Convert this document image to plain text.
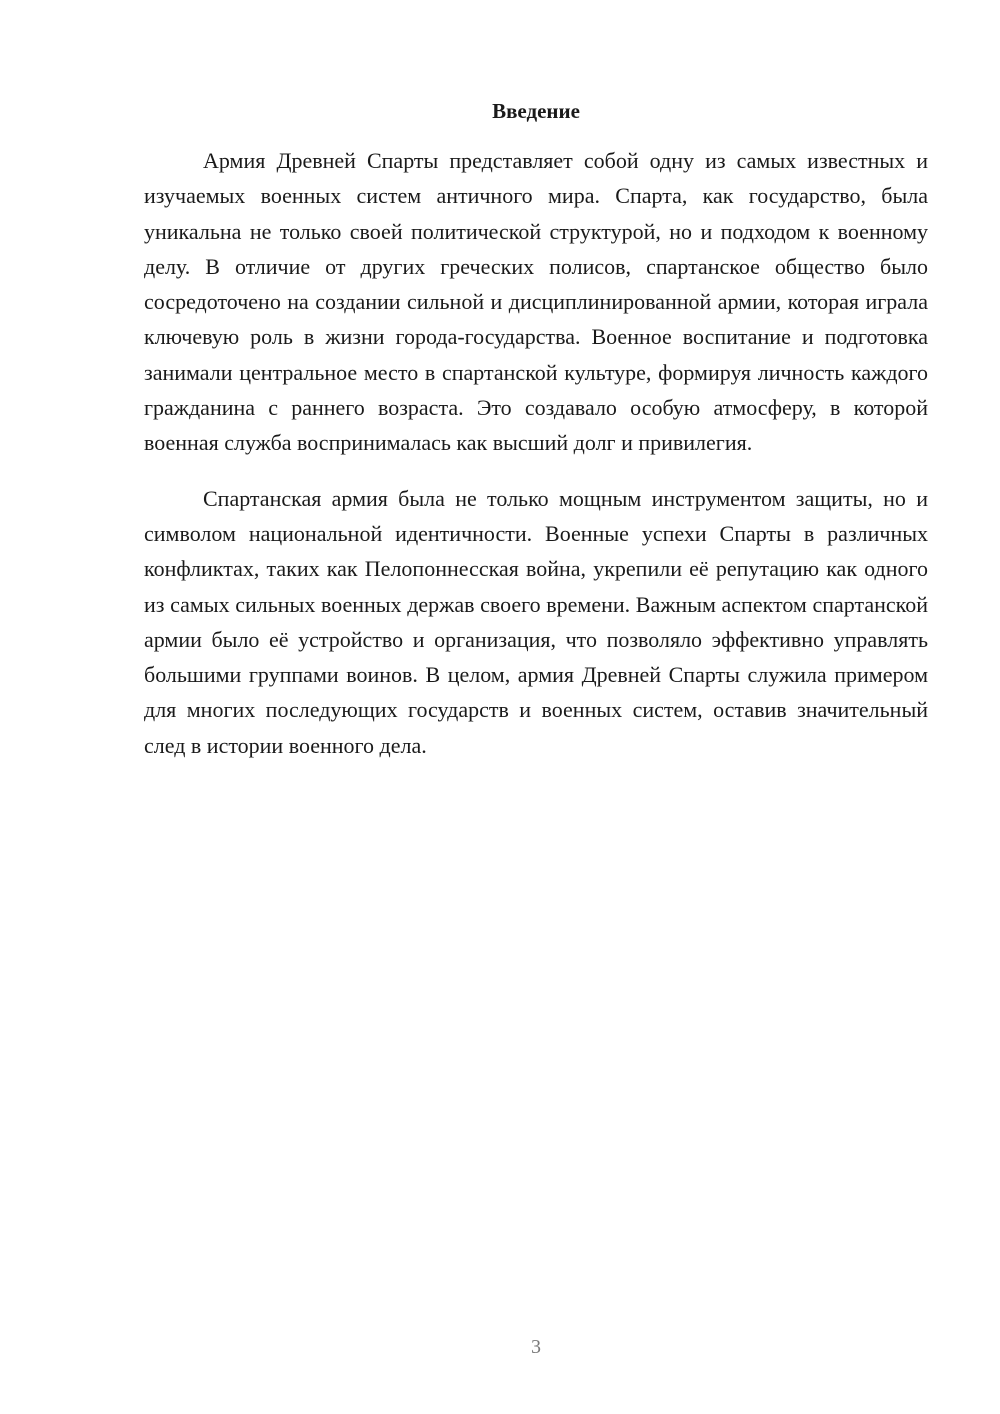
Введение

Армия Древней Спарты представляет собой одну из самых известных и изучаемых военных систем античного мира. Спарта, как государство, была уникальна не только своей политической структурой, но и подходом к военному делу. В отличие от других греческих полисов, спартанское общество было сосредоточено на создании сильной и дисциплинированной армии, которая играла ключевую роль в жизни города-государства. Военное воспитание и подготовка занимали центральное место в спартанской культуре, формируя личность каждого гражданина с раннего возраста. Это создавало особую атмосферу, в которой военная служба воспринималась как высший долг и привилегия.

Спартанская армия была не только мощным инструментом защиты, но и символом национальной идентичности. Военные успехи Спарты в различных конфликтах, таких как Пелопоннесская война, укрепили её репутацию как одного из самых сильных военных держав своего времени. Важным аспектом спартанской армии было её устройство и организация, что позволяло эффективно управлять большими группами воинов. В целом, армия Древней Спарты служила примером для многих последующих государств и военных систем, оставив значительный след в истории военного дела.

3
